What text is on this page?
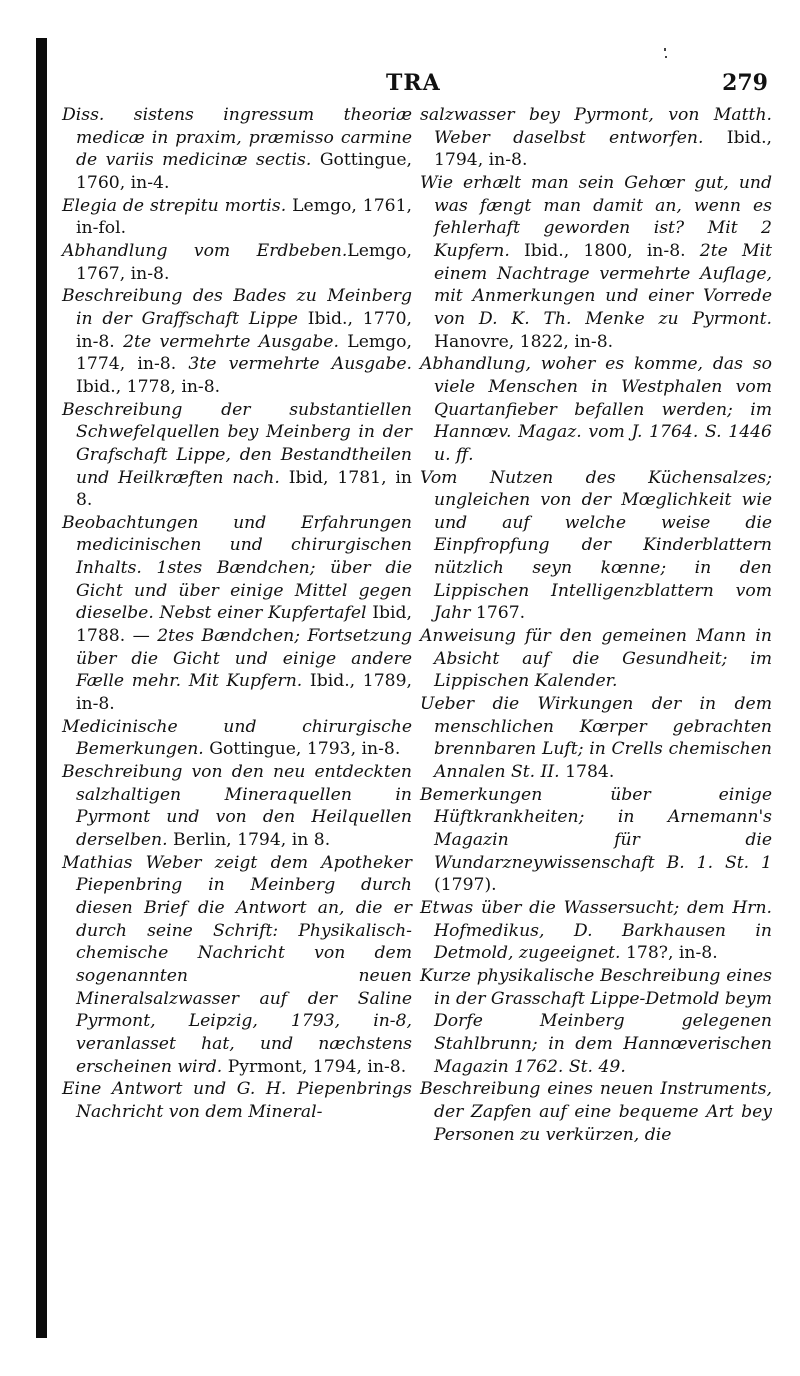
TRA	279

Diss. sistens ingressum theoriæ medicæ in praxim, præmisso carmine de variis medicinæ sectis. Gottingue, 1760, in-4.

Elegia de strepitu mortis. Lemgo, 1761, in-fol.

Abhandlung vom Erdbeben.Lemgo, 1767, in-8.

Beschreibung des Bades zu Meinberg in der Graffschaft Lippe Ibid., 1770, in-8. 2te vermehrte Ausgabe. Lemgo, 1774, in-8. 3te vermehrte Ausgabe. Ibid., 1778, in-8.

Beschreibung der substantiellen Schwefelquellen bey Meinberg in der Grafschaft Lippe, den Bestandtheilen und Heilkræften nach. Ibid, 1781, in 8.

Beobachtungen und Erfahrungen medicinischen und chirurgischen Inhalts. 1stes Bændchen; über die Gicht und über einige Mittel gegen dieselbe. Nebst einer Kupfertafel Ibid, 1788. — 2tes Bændchen; Fortsetzung über die Gicht und einige andere Fælle mehr. Mit Kupfern. Ibid., 1789, in-8.

Medicinische und chirurgische Bemerkungen. Gottingue, 1793, in-8.

Beschreibung von den neu entdeckten salzhaltigen Mineraquellen in Pyrmont und von den Heilquellen derselben. Berlin, 1794, in 8.

Mathias Weber zeigt dem Apotheker Piepenbring in Meinberg durch diesen Brief die Antwort an, die er durch seine Schrift: Physikalisch-chemische Nachricht von dem sogenannten neuen Mineralsalzwasser auf der Saline Pyrmont, Leipzig, 1793, in-8, veranlasset hat, und næchstens erscheinen wird. Pyrmont, 1794, in-8.

Eine Antwort und G. H. Piepenbrings Nachricht von dem Mineral-

salzwasser bey Pyrmont, von Matth. Weber daselbst entworfen. Ibid., 1794, in-8.

Wie erhælt man sein Gehœr gut, und was fængt man damit an, wenn es fehlerhaft geworden ist? Mit 2 Kupfern. Ibid., 1800, in-8. 2te Mit einem Nachtrage vermehrte Auflage, mit Anmerkungen und einer Vorrede von D. K. Th. Menke zu Pyrmont. Hanovre, 1822, in-8.

Abhandlung, woher es komme, das so viele Menschen in Westphalen vom Quartanfieber befallen werden; im Hannœv. Magaz. vom J. 1764. S. 1446 u. ff.

Vom Nutzen des Küchensalzes; ungleichen von der Mœglichkeit wie und auf welche weise die Einpfropfung der Kinderblattern nützlich seyn kœnne; in den Lippischen Intelligenzblattern vom Jahr 1767.

Anweisung für den gemeinen Mann in Absicht auf die Gesundheit; im Lippischen Kalender.

Ueber die Wirkungen der in dem menschlichen Kœrper gebrachten brennbaren Luft; in Crells chemischen Annalen St. II. 1784.

Bemerkungen über einige Hüftkrankheiten; in Arnemann's Magazin für die Wundarzneywissenschaft B. 1. St. 1 (1797).

Etwas über die Wassersucht; dem Hrn. Hofmedikus, D. Barkhausen in Detmold, zugeeignet. 178?, in-8.

Kurze physikalische Beschreibung eines in der Grasschaft Lippe-Detmold beym Dorfe Meinberg gelegenen Stahlbrunn; in dem Hannœverischen Magazin 1762. St. 49.

Beschreibung eines neuen Instruments, der Zapfen auf eine bequeme Art bey Personen zu verkürzen, die
